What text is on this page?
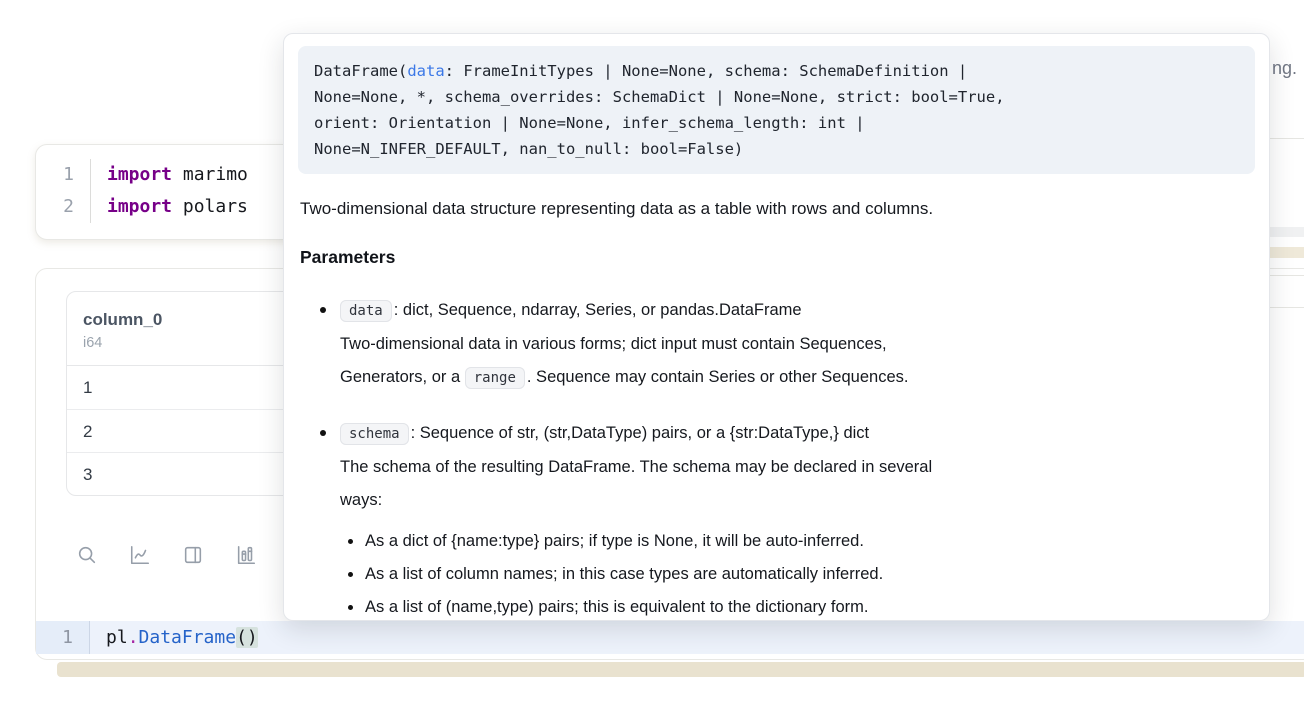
ng.
1	import marimo
2	import polars
column_0
i64
1
2
3
1	pl.DataFrame()
DataFrame(data: FrameInitTypes | None=None, schema: SchemaDefinition |
None=None, *, schema_overrides: SchemaDict | None=None, strict: bool=True,
orient: Orientation | None=None, infer_schema_length: int |
None=N_INFER_DEFAULT, nan_to_null: bool=False)
Two-dimensional data structure representing data as a table with rows and columns.
Parameters
data : dict, Sequence, ndarray, Series, or pandas.DataFrame
Two-dimensional data in various forms; dict input must contain Sequences,
Generators, or a range . Sequence may contain Series or other Sequences.
schema : Sequence of str, (str,DataType) pairs, or a {str:DataType,} dict
The schema of the resulting DataFrame. The schema may be declared in several
ways:
As a dict of {name:type} pairs; if type is None, it will be auto-inferred.
As a list of column names; in this case types are automatically inferred.
As a list of (name,type) pairs; this is equivalent to the dictionary form.
